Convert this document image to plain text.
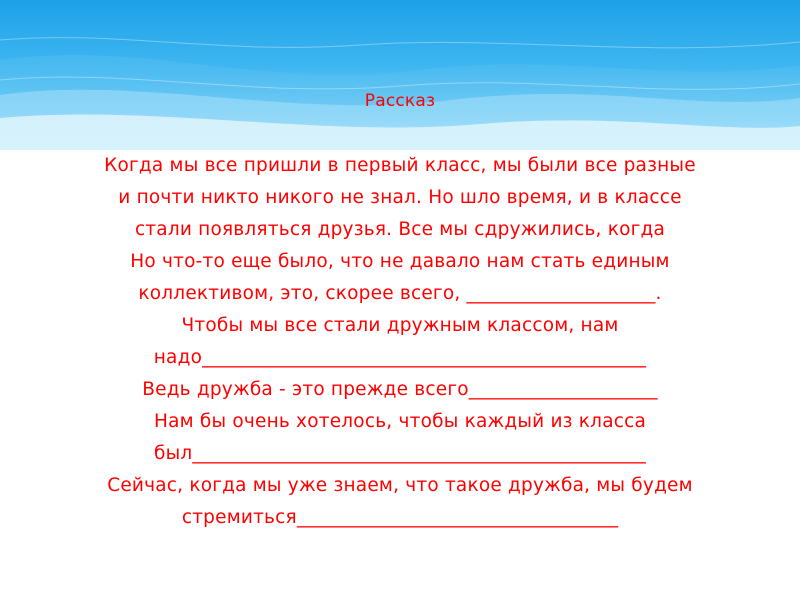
Рассказ
Когда мы все пришли в первый класс, мы были все разные
и почти никто никого не знал. Но шло время, и в классе
стали появляться друзья. Все мы сдружились, когда
Но что-то еще было, что не давало нам стать единым
коллективом, это, скорее всего, ____________________.
Чтобы мы все стали дружным классом, нам
надо_______________________________________________
Ведь дружба - это прежде всего____________________
Нам бы очень хотелось, чтобы каждый из класса
был________________________________________________
Сейчас, когда мы уже знаем, что такое дружба, мы будем
стремиться__________________________________
